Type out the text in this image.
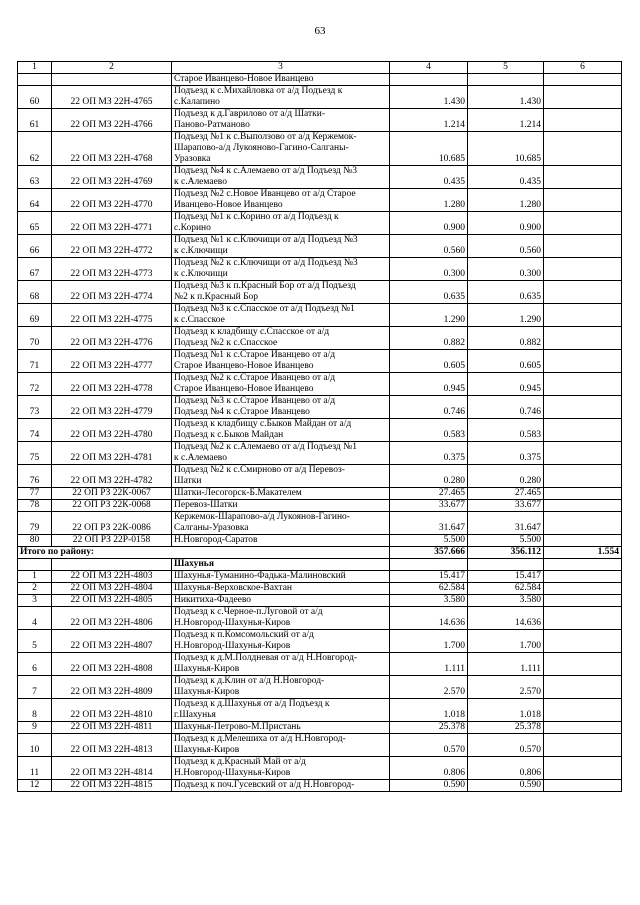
63
1	2	3	4	5	6
		Старое Иванцево-Новое Иванцево			
60	22 ОП МЗ 22Н-4765	Подъезд к с.Михайловка от а/д Подъезд к
с.Калапино	1.430	1.430	
61	22 ОП МЗ 22Н-4766	Подъезд к д.Гаврилово от а/д Шатки-
Паново-Ратманово	1.214	1.214	
62	22 ОП МЗ 22Н-4768	Подъезд №1 к с.Выползово от а/д Кержемок-
Шарапово-а/д Лукояново-Гагино-Салганы-
Уразовка	10.685	10.685	
63	22 ОП МЗ 22Н-4769	Подъезд №4 к с.Алемаево от а/д Подъезд №3
к с.Алемаево	0.435	0.435	
64	22 ОП МЗ 22Н-4770	Подъезд №2 с.Новое Иванцево от а/д Старое
Иванцево-Новое Иванцево	1.280	1.280	
65	22 ОП МЗ 22Н-4771	Подъезд №1 к с.Корино от а/д Подъезд к
с.Корино	0.900	0.900	
66	22 ОП МЗ 22Н-4772	Подъезд №1 к с.Ключищи от а/д Подъезд №3
к с.Ключищи	0.560	0.560	
67	22 ОП МЗ 22Н-4773	Подъезд №2 к с.Ключищи от а/д Подъезд №3
к с.Ключищи	0.300	0.300	
68	22 ОП МЗ 22Н-4774	Подъезд №3 к п.Красный Бор от а/д Подъезд
№2 к п.Красный Бор	0.635	0.635	
69	22 ОП МЗ 22Н-4775	Подъезд №3 к с.Спасское от а/д Подъезд №1
к с.Спасское	1.290	1.290	
70	22 ОП МЗ 22Н-4776	Подъезд к кладбищу с.Спасское от а/д
Подъезд №2 к с.Спасское	0.882	0.882	
71	22 ОП МЗ 22Н-4777	Подъезд №1 к с.Старое Иванцево от а/д
Старое Иванцево-Новое Иванцево	0.605	0.605	
72	22 ОП МЗ 22Н-4778	Подъезд №2 к с.Старое Иванцево от а/д
Старое Иванцево-Новое Иванцево	0.945	0.945	
73	22 ОП МЗ 22Н-4779	Подъезд №3 к с.Старое Иванцево от а/д
Подъезд №4 к с.Старое Иванцево	0.746	0.746	
74	22 ОП МЗ 22Н-4780	Подъезд к кладбищу с.Быков Майдан от а/д
Подъезд к с.Быков Майдан	0.583	0.583	
75	22 ОП МЗ 22Н-4781	Подъезд №2 к с.Алемаево от а/д Подъезд №1
к с.Алемаево	0.375	0.375	
76	22 ОП МЗ 22Н-4782	Подъезд №2 к с.Смирново от а/д Перевоз-
Шатки	0.280	0.280	
77	22 ОП РЗ 22К-0067	Шатки-Лесогорск-Б.Макателем	27.465	27.465	
78	22 ОП РЗ 22К-0068	Перевоз-Шатки	33.677	33.677	
79	22 ОП РЗ 22К-0086	Кержемок-Шарапово-а/д Лукоянов-Гагино-
Салганы-Уразовка	31.647	31.647	
80	22 ОП РЗ 22Р-0158	Н.Новгород-Саратов	5.500	5.500	
Итого по району:			357.666	356.112	1.554
		Шахунья			
1	22 ОП МЗ 22Н-4803	Шахунья-Туманино-Фадька-Малиновский	15.417	15.417	
2	22 ОП МЗ 22Н-4804	Шахунья-Верховское-Вахтан	62.584	62.584	
3	22 ОП МЗ 22Н-4805	Никитиха-Фадеево	3.580	3.580	
4	22 ОП МЗ 22Н-4806	Подъезд к с.Черное-п.Луговой от а/д
Н.Новгород-Шахунья-Киров	14.636	14.636	
5	22 ОП МЗ 22Н-4807	Подъезд к п.Комсомольский от а/д
Н.Новгород-Шахунья-Киров	1.700	1.700	
6	22 ОП МЗ 22Н-4808	Подъезд к д.М.Полдневая от а/д Н.Новгород-
Шахунья-Киров	1.111	1.111	
7	22 ОП МЗ 22Н-4809	Подъезд к д.Клин от а/д Н.Новгород-
Шахунья-Киров	2.570	2.570	
8	22 ОП МЗ 22Н-4810	Подъезд к д.Шахунья от а/д Подъезд к
г.Шахунья	1.018	1.018	
9	22 ОП МЗ 22Н-4811	Шахунья-Петрово-М.Пристань	25.378	25.378	
10	22 ОП МЗ 22Н-4813	Подъезд к д.Мелешиха от а/д Н.Новгород-
Шахунья-Киров	0.570	0.570	
11	22 ОП МЗ 22Н-4814	Подъезд к д.Красный Май от а/д
Н.Новгород-Шахунья-Киров	0.806	0.806	
12	22 ОП МЗ 22Н-4815	Подъезд к поч.Гусевский от а/д Н.Новгород-	0.590	0.590	
